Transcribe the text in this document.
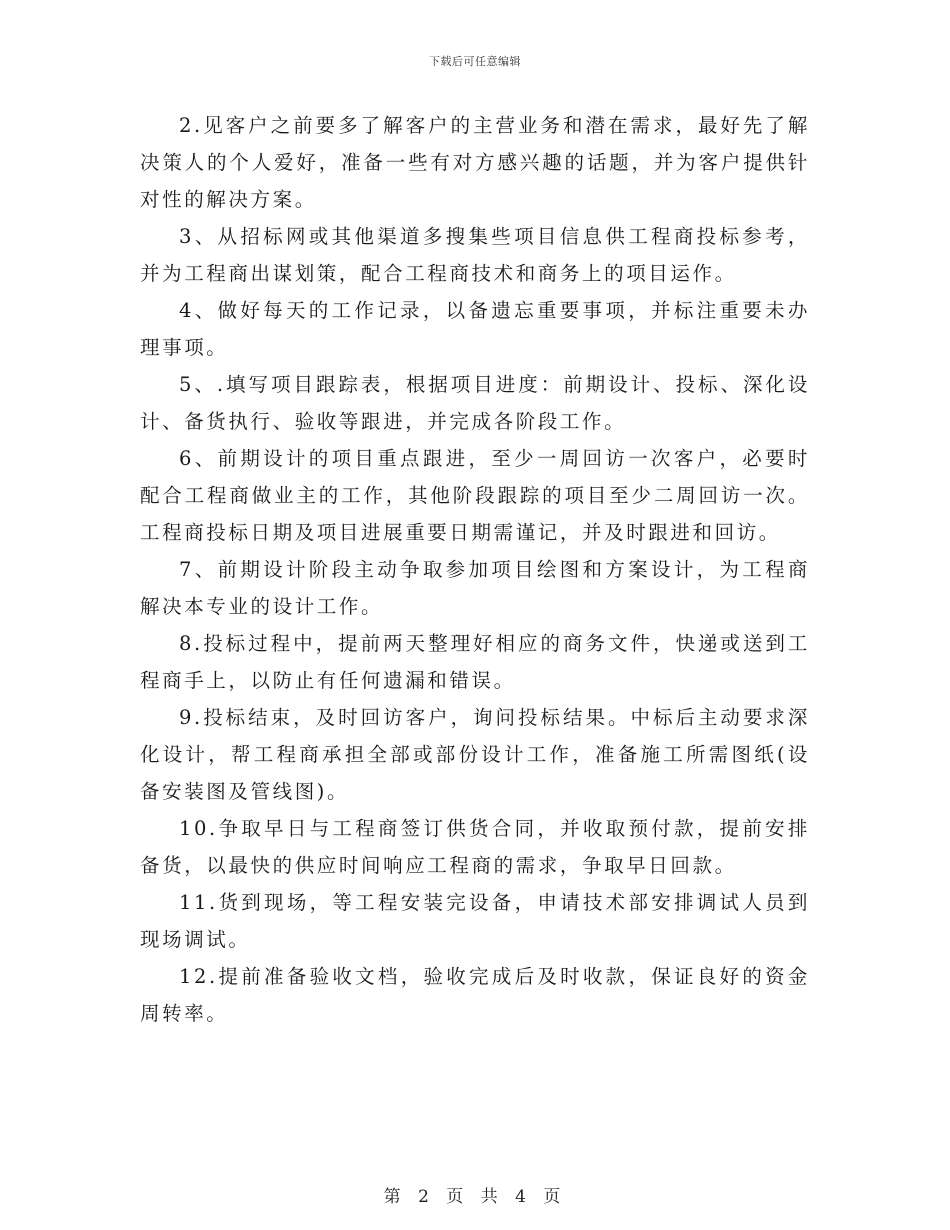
下载后可任意编辑

2.见客户之前要多了解客户的主营业务和潜在需求，最好先了解决策人的个人爱好，准备一些有对方感兴趣的话题，并为客户提供针对性的解决方案。

3、从招标网或其他渠道多搜集些项目信息供工程商投标参考，并为工程商出谋划策，配合工程商技术和商务上的项目运作。

4、做好每天的工作记录，以备遗忘重要事项，并标注重要未办理事项。

5、.填写项目跟踪表，根据项目进度：前期设计、投标、深化设计、备货执行、验收等跟进，并完成各阶段工作。

6、前期设计的项目重点跟进，至少一周回访一次客户，必要时配合工程商做业主的工作，其他阶段跟踪的项目至少二周回访一次。工程商投标日期及项目进展重要日期需谨记，并及时跟进和回访。

7、前期设计阶段主动争取参加项目绘图和方案设计，为工程商解决本专业的设计工作。

8.投标过程中，提前两天整理好相应的商务文件，快递或送到工程商手上，以防止有任何遗漏和错误。

9.投标结束，及时回访客户，询问投标结果。中标后主动要求深化设计，帮工程商承担全部或部份设计工作，准备施工所需图纸(设备安装图及管线图)。

10.争取早日与工程商签订供货合同，并收取预付款，提前安排备货，以最快的供应时间响应工程商的需求，争取早日回款。

11.货到现场，等工程安装完设备，申请技术部安排调试人员到现场调试。

12.提前准备验收文档，验收完成后及时收款，保证良好的资金周转率。

第 2 页 共 4 页
